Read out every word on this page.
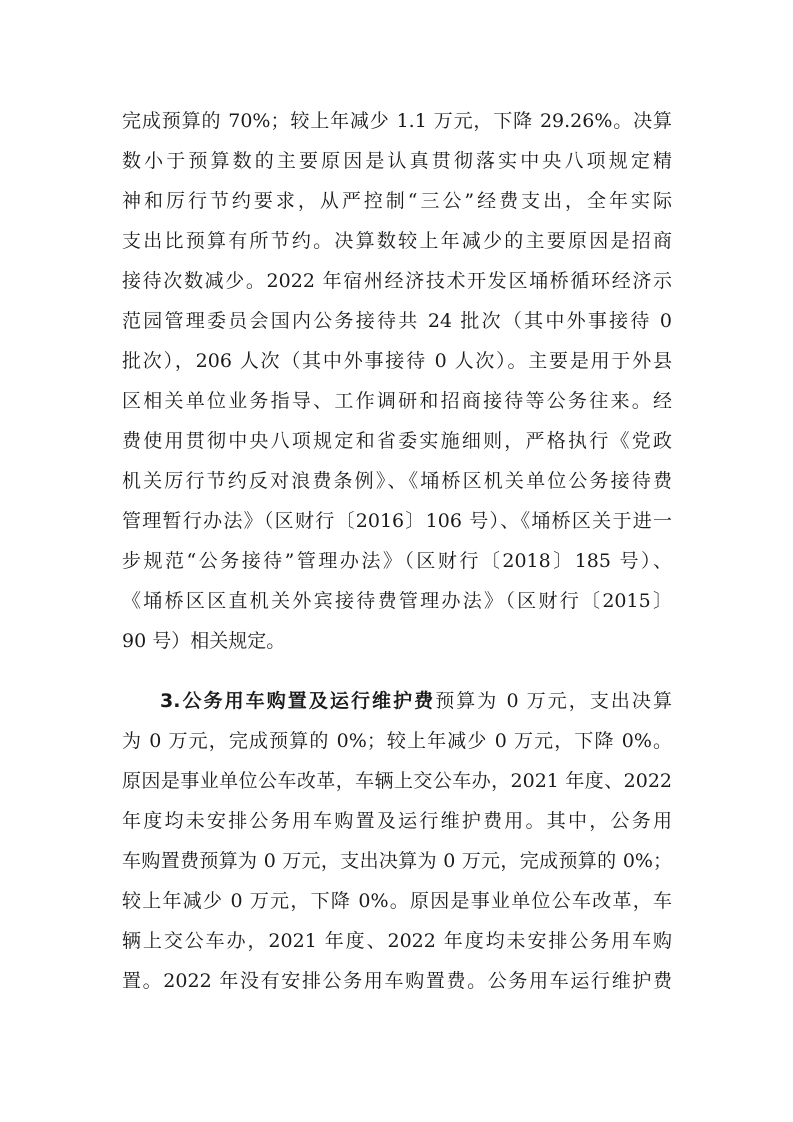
完成预算的 70%；较上年减少 1.1 万元，下降 29.26%。决算
数小于预算数的主要原因是认真贯彻落实中央八项规定精
神和厉行节约要求，从严控制“三公”经费支出，全年实际
支出比预算有所节约。决算数较上年减少的主要原因是招商
接待次数减少。2022 年宿州经济技术开发区埇桥循环经济示
范园管理委员会国内公务接待共 24 批次（其中外事接待 0
批次），206 人次（其中外事接待 0 人次）。主要是用于外县
区相关单位业务指导、工作调研和招商接待等公务往来。经
费使用贯彻中央八项规定和省委实施细则，严格执行《党政
机关厉行节约反对浪费条例》、《埇桥区机关单位公务接待费
管理暂行办法》（区财行〔2016〕106 号）、《埇桥区关于进一
步规范“公务接待”管理办法》（区财行〔2018〕185 号）、
《埇桥区区直机关外宾接待费管理办法》（区财行〔2015〕
90 号）相关规定。
3.公务用车购置及运行维护费预算为 0 万元，支出决算
为 0 万元，完成预算的 0%；较上年减少 0 万元，下降 0%。
原因是事业单位公车改革，车辆上交公车办，2021 年度、2022
年度均未安排公务用车购置及运行维护费用。其中，公务用
车购置费预算为 0 万元，支出决算为 0 万元，完成预算的 0%；
较上年减少 0 万元，下降 0%。原因是事业单位公车改革，车
辆上交公车办，2021 年度、2022 年度均未安排公务用车购
置。2022 年没有安排公务用车购置费。公务用车运行维护费
